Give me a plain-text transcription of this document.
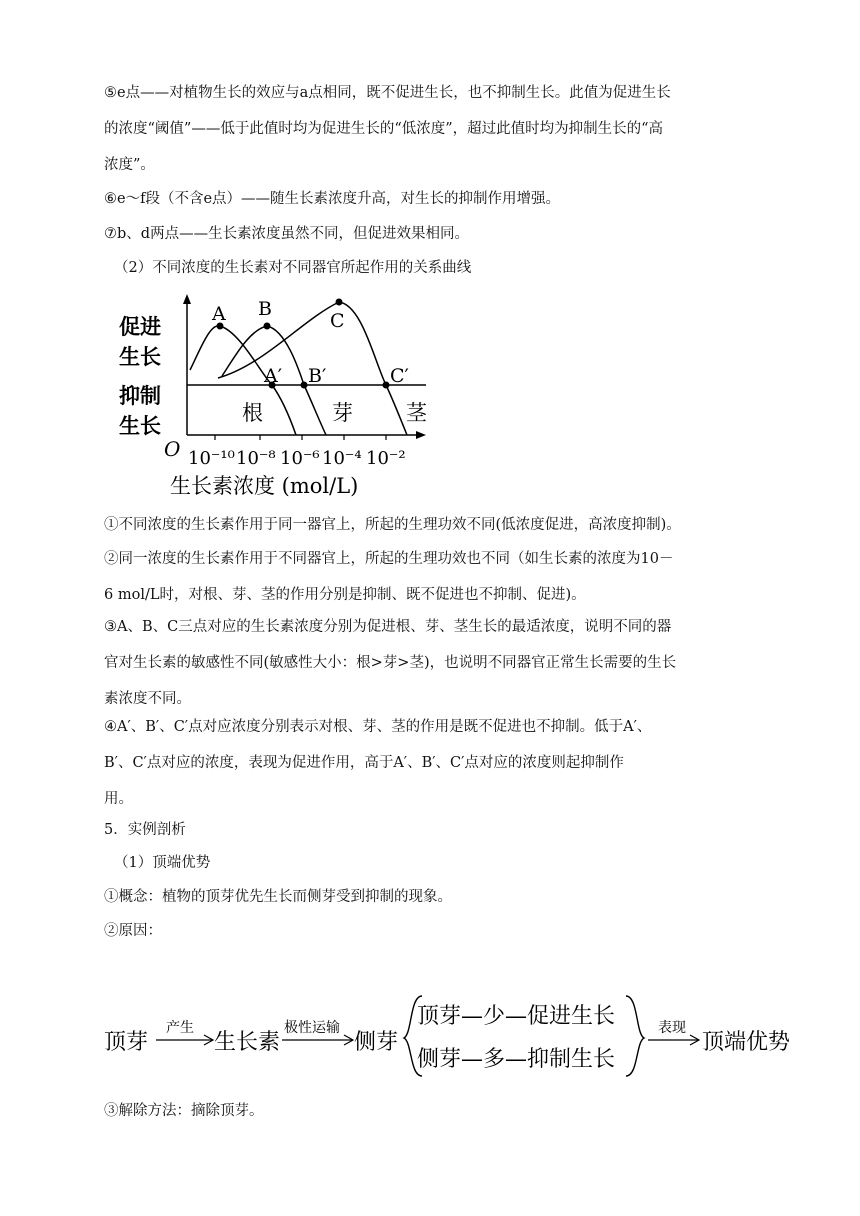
⑤e点——对植物生长的效应与a点相同，既不促进生长，也不抑制生长。此值为促进生长
的浓度“阈值”——低于此值时均为促进生长的“低浓度”，超过此值时均为抑制生长的“高
浓度”。
⑥e～f段（不含e点）——随生长素浓度升高，对生长的抑制作用增强。
⑦b、d两点——生长素浓度虽然不同，但促进效果相同。
（2）不同浓度的生长素对不同器官所起作用的关系曲线
A B
C
A′ B′	C′
促进
生长
抑制
生长
O
根	芽	茎
10⁻¹⁰ 10⁻⁸ 10⁻⁶ 10⁻⁴ 10⁻²
生长素浓度 (mol/L)
①不同浓度的生长素作用于同一器官上，所起的生理功效不同(低浓度促进，高浓度抑制)。
②同一浓度的生长素作用于不同器官上，所起的生理功效也不同（如生长素的浓度为10－
6 mol/L时，对根、芽、茎的作用分别是抑制、既不促进也不抑制、促进)。
③A、B、C三点对应的生长素浓度分别为促进根、芽、茎生长的最适浓度，说明不同的器
官对生长素的敏感性不同(敏感性大小：根>芽>茎)，也说明不同器官正常生长需要的生长
素浓度不同。
④A′、B′、C′点对应浓度分别表示对根、芽、茎的作用是既不促进也不抑制。低于A′、
B′、C′点对应的浓度，表现为促进作用，高于A′、B′、C′点对应的浓度则起抑制作
用。
5．实例剖析
（1）顶端优势
①概念：植物的顶芽优先生长而侧芽受到抑制的现象。
②原因：
顶芽
产生
生长素
极性运输
侧芽
顶芽—少—促进生长
侧芽—多—抑制生长
表现
顶端优势
③解除方法：摘除顶芽。
